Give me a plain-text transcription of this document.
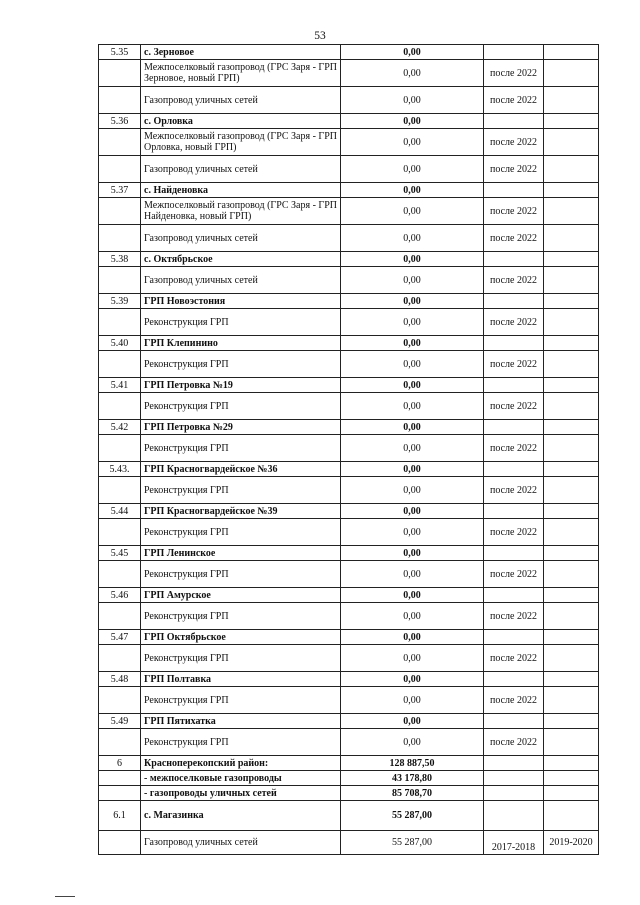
53
5.35	с. Зерновое	0,00		
	Межпоселковый газопровод (ГРС Заря - ГРП Зерновое, новый ГРП)	0,00	после 2022	
	Газопровод уличных сетей	0,00	после 2022	
5.36	с. Орловка	0,00		
	Межпоселковый газопровод (ГРС Заря - ГРП Орловка, новый ГРП)	0,00	после 2022	
	Газопровод уличных сетей	0,00	после 2022	
5.37	с. Найденовка	0,00		
	Межпоселковый газопровод (ГРС Заря - ГРП Найденовка, новый ГРП)	0,00	после 2022	
	Газопровод уличных сетей	0,00	после 2022	
5.38	с. Октябрьское	0,00		
	Газопровод уличных сетей	0,00	после 2022	
5.39	ГРП Новоэстония	0,00		
	Реконструкция ГРП	0,00	после 2022	
5.40	ГРП Клепинино	0,00		
	Реконструкция ГРП	0,00	после 2022	
5.41	ГРП Петровка №19	0,00		
	Реконструкция ГРП	0,00	после 2022	
5.42	ГРП Петровка №29	0,00		
	Реконструкция ГРП	0,00	после 2022	
5.43.	ГРП Красногвардейское №36	0,00		
	Реконструкция ГРП	0,00	после 2022	
5.44	ГРП Красногвардейское №39	0,00		
	Реконструкция ГРП	0,00	после 2022	
5.45	ГРП Ленинское	0,00		
	Реконструкция ГРП	0,00	после 2022	
5.46	ГРП Амурское	0,00		
	Реконструкция ГРП	0,00	после 2022	
5.47	ГРП Октябрьское	0,00		
	Реконструкция ГРП	0,00	после 2022	
5.48	ГРП Полтавка	0,00		
	Реконструкция ГРП	0,00	после 2022	
5.49	ГРП Пятихатка	0,00		
	Реконструкция ГРП	0,00	после 2022	
6	Красноперекопский район:	128 887,50		
	- межпоселковые газопроводы	43 178,80		
	- газопроводы уличных сетей	85 708,70		
6.1	с. Магазинка	55 287,00		
	Газопровод уличных сетей	55 287,00	2017-2018	2019-2020
